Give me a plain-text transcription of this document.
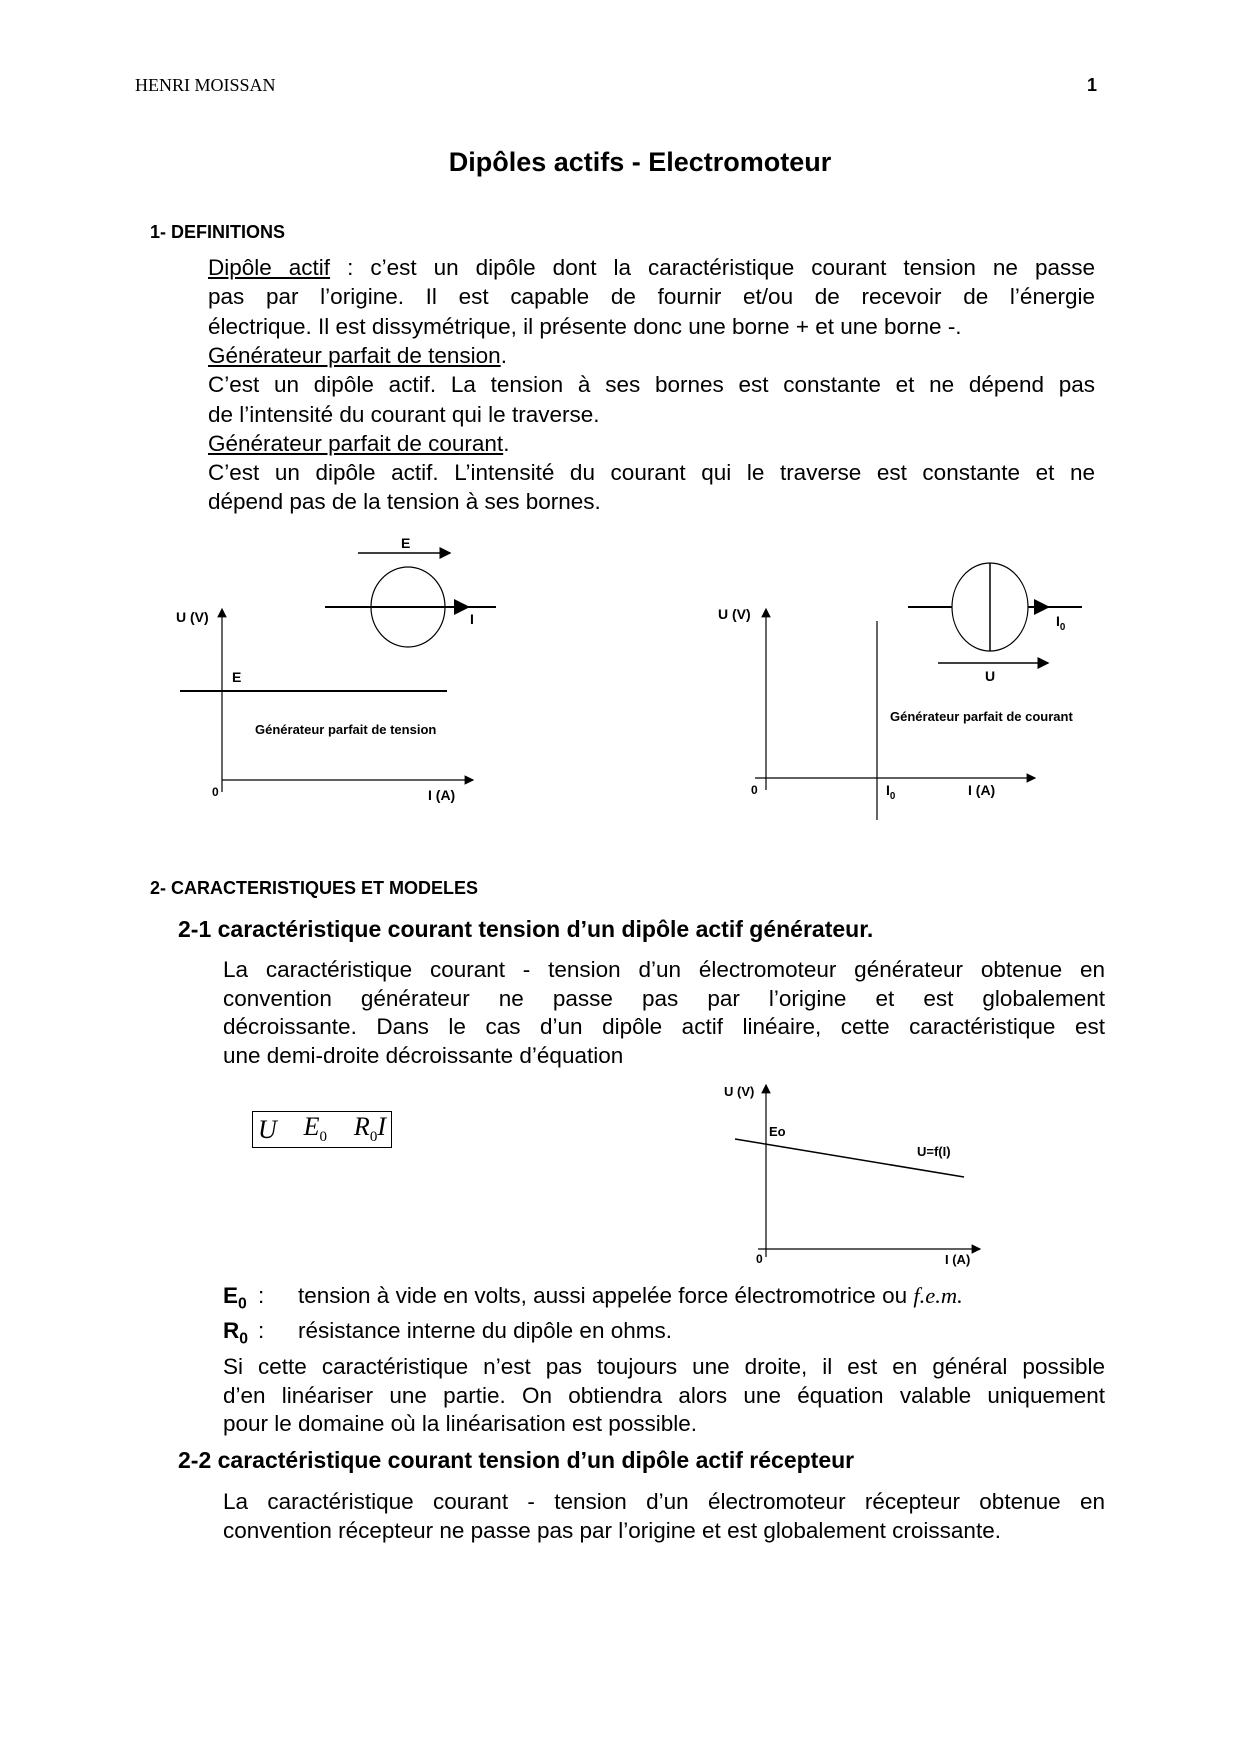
HENRI MOISSAN	1
Dipôles actifs - Electromoteur
1- DEFINITIONS
Dipôle actif : c’est un dipôle dont la caractéristique courant tension ne passe
pas par l’origine. Il est capable de fournir et/ou de recevoir de l’énergie
électrique. Il est dissymétrique, il présente donc une borne + et une borne -.
Générateur parfait de tension.
C’est un dipôle actif. La tension à ses bornes est constante et ne dépend pas
de l’intensité du courant qui le traverse.
Générateur parfait de courant.
C’est un dipôle actif. L’intensité du courant qui le traverse est constante et ne
dépend pas de la tension à ses bornes.
U (V)
0	I (A)
E
E
I
Générateur parfait de tension
U (V)
0	$I_0$	I (A)
$I_0$
U
Générateur parfait de courant
2- CARACTERISTIQUES ET MODELES
2-1 caractéristique courant tension d’un dipôle actif générateur.
La caractéristique courant - tension d’un électromoteur générateur obtenue en
convention générateur ne passe pas par l’origine et est globalement
décroissante. Dans le cas d’un dipôle actif linéaire, cette caractéristique est
une demi-droite décroissante d’équation
U $E_0$ $R_0I$
U (V)
Eo
U=f(I)
0	I (A)
$E_0$ : tension à vide en volts, aussi appelée force électromotrice ou f.e.m.
$R_0$ : résistance interne du dipôle en ohms.
Si cette caractéristique n’est pas toujours une droite, il est en général possible
d’en linéariser une partie. On obtiendra alors une équation valable uniquement
pour le domaine où la linéarisation est possible.
2-2 caractéristique courant tension d’un dipôle actif récepteur
La caractéristique courant - tension d’un électromoteur récepteur obtenue en
convention récepteur ne passe pas par l’origine et est globalement croissante.
